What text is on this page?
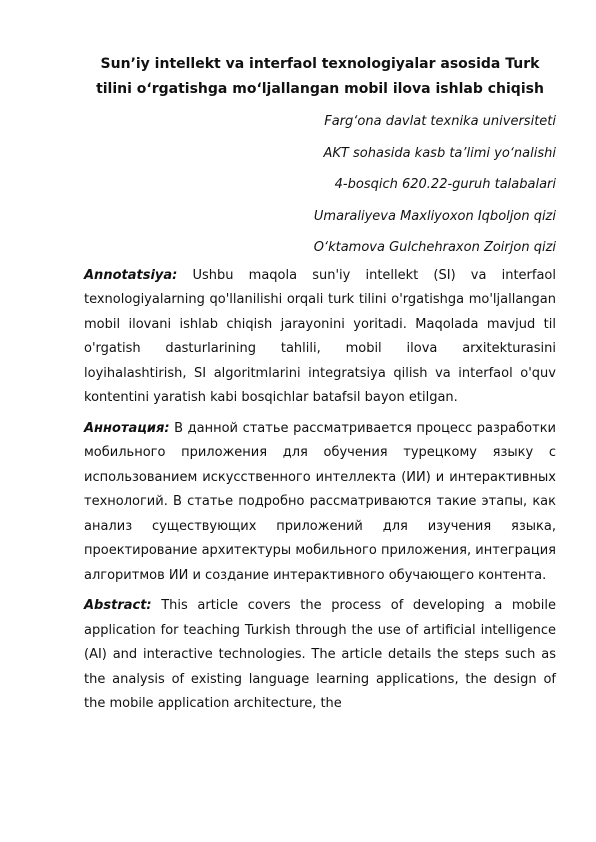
Sun’iy intellekt va interfaol texnologiyalar asosida Turk
tilini o‘rgatishga mo‘ljallangan mobil ilova ishlab chiqish
Farg‘ona davlat texnika universiteti
AKT sohasida kasb ta’limi yo‘nalishi
4-bosqich 620.22-guruh talabalari
Umaraliyeva Maxliyoxon Iqboljon qizi
O‘ktamova Gulchehraxon Zoirjon qizi

Annotatsiya: Ushbu maqola sun'iy intellekt (SI) va interfaol texnologiyalarning qo'llanilishi orqali turk tilini o'rgatishga mo'ljallangan mobil ilovani ishlab chiqish jarayonini yoritadi. Maqolada mavjud til o'rgatish dasturlarining tahlili, mobil ilova arxitekturasini loyihalashtirish, SI algoritmlarini integratsiya qilish va interfaol o'quv kontentini yaratish kabi bosqichlar batafsil bayon etilgan.

Аннотация: В данной статье рассматривается процесс разработки мобильного приложения для обучения турецкому языку с использованием искусственного интеллекта (ИИ) и интерактивных технологий. В статье подробно рассматриваются такие этапы, как анализ существующих приложений для изучения языка, проектирование архитектуры мобильного приложения, интеграция алгоритмов ИИ и создание интерактивного обучающего контента.

Abstract: This article covers the process of developing a mobile application for teaching Turkish through the use of artificial intelligence (AI) and interactive technologies. The article details the steps such as the analysis of existing language learning applications, the design of the mobile application architecture, the
